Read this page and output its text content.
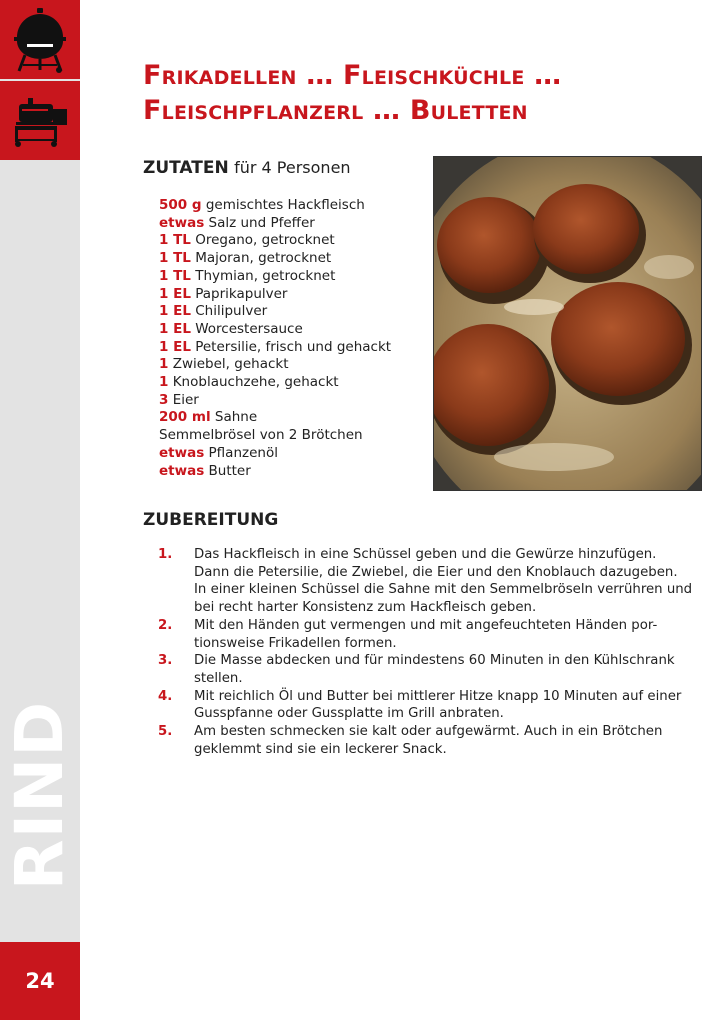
RIND
24
Frikadellen … Fleischküchle …
Fleischpflanzerl … Buletten
ZUTATEN für 4 Personen
500 g gemischtes Hackfleisch
etwas Salz und Pfeffer
1 TL Oregano, getrocknet
1 TL Majoran, getrocknet
1 TL Thymian, getrocknet
1 EL Paprikapulver
1 EL Chilipulver
1 EL Worcestersauce
1 EL Petersilie, frisch und gehackt
1 Zwiebel, gehackt
1 Knoblauchzehe, gehackt
3 Eier
200 ml Sahne
Semmelbrösel von 2 Brötchen
etwas Pflanzenöl
etwas Butter
ZUBEREITUNG
1. Das Hackfleisch in eine Schüssel geben und die Gewürze hinzufügen.
Dann die Petersilie, die Zwiebel, die Eier und den Knoblauch dazugeben.
In einer kleinen Schüssel die Sahne mit den Semmelbröseln verrühren und
bei recht harter Konsistenz zum Hackfleisch geben.
2. Mit den Händen gut vermengen und mit angefeuchteten Händen por-
tionsweise Frikadellen formen.
3. Die Masse abdecken und für mindestens 60 Minuten in den Kühlschrank
stellen.
4. Mit reichlich Öl und Butter bei mittlerer Hitze knapp 10 Minuten auf einer
Gusspfanne oder Gussplatte im Grill anbraten.
5. Am besten schmecken sie kalt oder aufgewärmt. Auch in ein Brötchen
geklemmt sind sie ein leckerer Snack.
